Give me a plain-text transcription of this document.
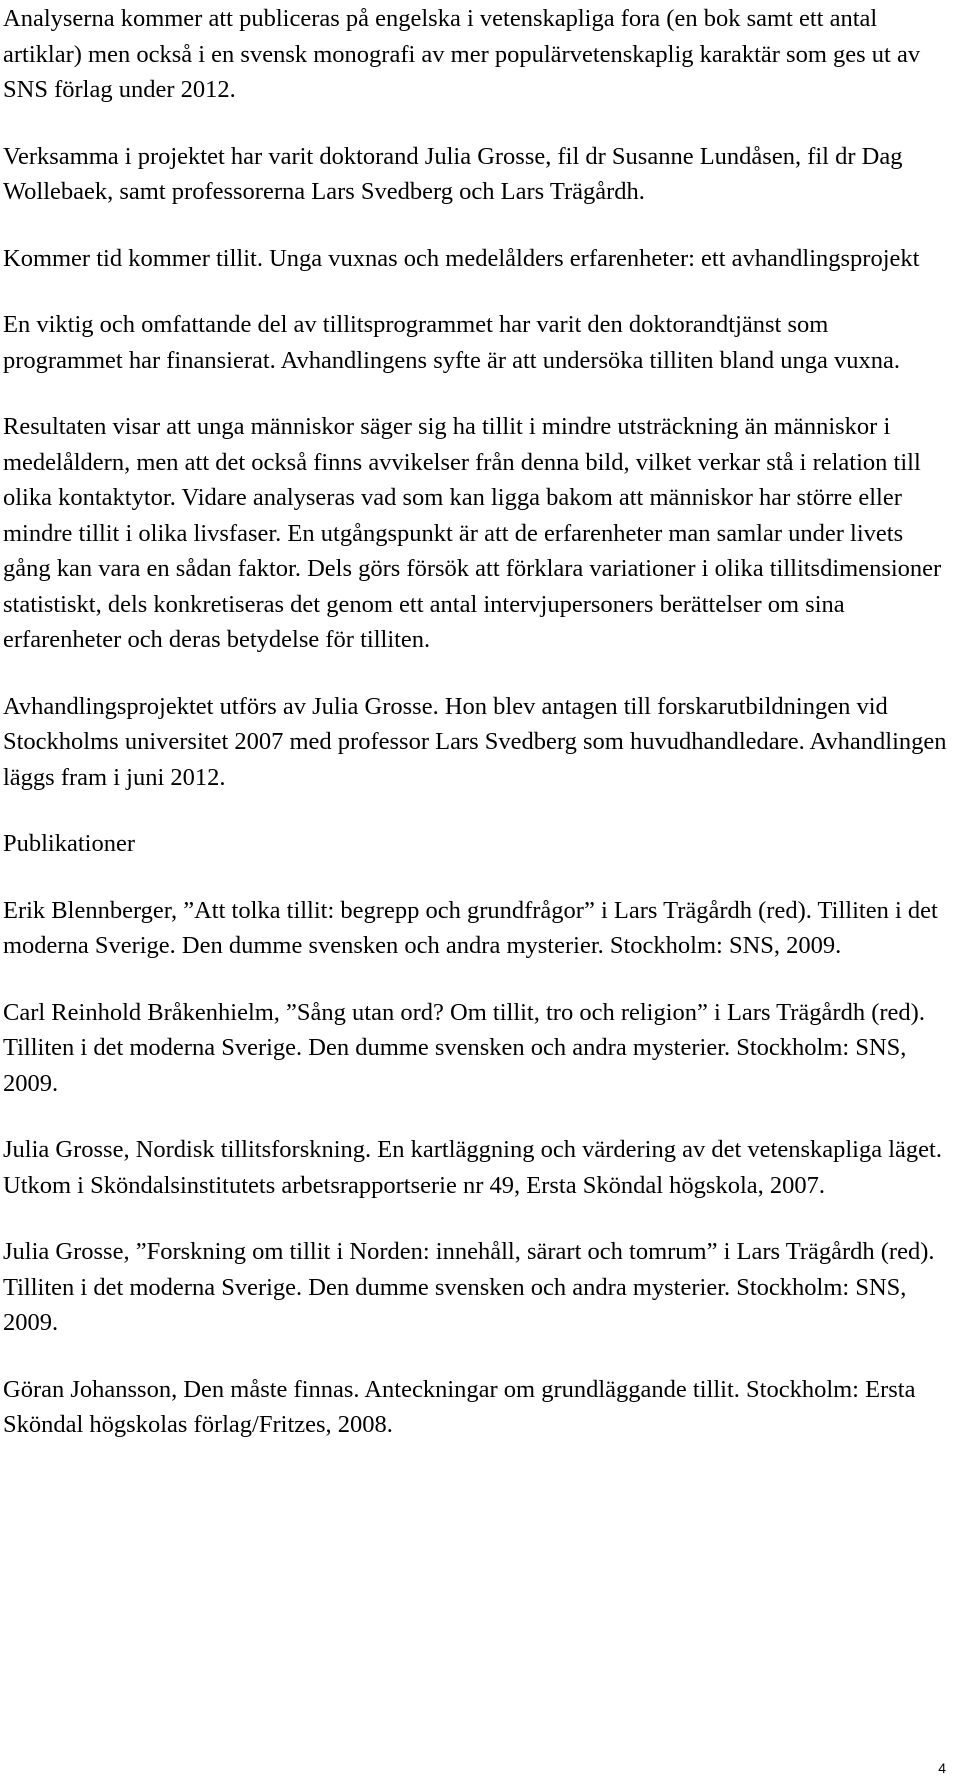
Analyserna kommer att publiceras på engelska i vetenskapliga fora (en bok samt ett antal artiklar) men också i en svensk monografi av mer populärvetenskaplig karaktär som ges ut av SNS förlag under 2012.

Verksamma i projektet har varit doktorand Julia Grosse, fil dr Susanne Lundåsen, fil dr Dag Wollebaek, samt professorerna Lars Svedberg och Lars Trägårdh.

Kommer tid kommer tillit. Unga vuxnas och medelålders erfarenheter: ett avhandlingsprojekt

En viktig och omfattande del av tillitsprogrammet har varit den doktorandtjänst som programmet har finansierat. Avhandlingens syfte är att undersöka tilliten bland unga vuxna.

Resultaten visar att unga människor säger sig ha tillit i mindre utsträckning än människor i medelåldern, men att det också finns avvikelser från denna bild, vilket verkar stå i relation till olika kontaktytor. Vidare analyseras vad som kan ligga bakom att människor har större eller mindre tillit i olika livsfaser. En utgångspunkt är att de erfarenheter man samlar under livets gång kan vara en sådan faktor. Dels görs försök att förklara variationer i olika tillitsdimensioner statistiskt, dels konkretiseras det genom ett antal intervjupersoners berättelser om sina erfarenheter och deras betydelse för tilliten.

Avhandlingsprojektet utförs av Julia Grosse. Hon blev antagen till forskarutbildningen vid Stockholms universitet 2007 med professor Lars Svedberg som huvudhandledare. Avhandlingen läggs fram i juni 2012.

Publikationer

Erik Blennberger, ”Att tolka tillit: begrepp och grundfrågor” i Lars Trägårdh (red). Tilliten i det moderna Sverige. Den dumme svensken och andra mysterier. Stockholm: SNS, 2009.

Carl Reinhold Bråkenhielm, ”Sång utan ord? Om tillit, tro och religion” i Lars Trägårdh (red). Tilliten i det moderna Sverige. Den dumme svensken och andra mysterier. Stockholm: SNS, 2009.

Julia Grosse, Nordisk tillitsforskning. En kartläggning och värdering av det vetenskapliga läget. Utkom i Sköndalsinstitutets arbetsrapportserie nr 49, Ersta Sköndal högskola, 2007.

Julia Grosse, ”Forskning om tillit i Norden: innehåll, särart och tomrum” i Lars Trägårdh (red). Tilliten i det moderna Sverige. Den dumme svensken och andra mysterier. Stockholm: SNS, 2009.

Göran Johansson, Den måste finnas. Anteckningar om grundläggande tillit. Stockholm: Ersta Sköndal högskolas förlag/Fritzes, 2008.

4
